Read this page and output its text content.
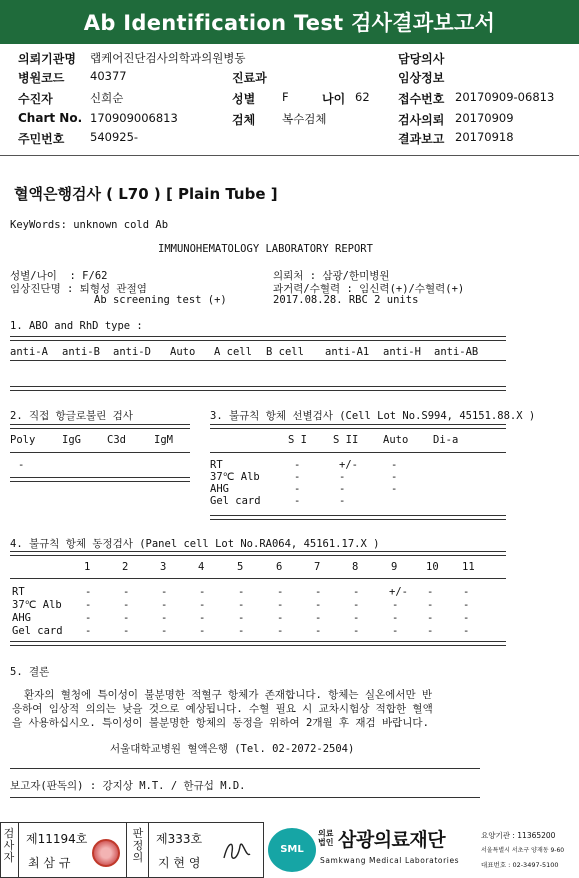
Ab Identification Test 검사결과보고서
의뢰기관명 랩케어진단검사의학과의원병동	담당의사
병원코드 40377	진료과	임상정보
수진자	신희순	성별 F	나이 62 접수번호 20170909-06813
Chart No. 170909006813	검체 복수검체	검사의뢰 20170909
주민번호 540925-	결과보고 20170918
혈액은행검사 ( L70 ) [ Plain Tube ]
KeyWords: unknown cold Ab
IMMUNOHEMATOLOGY LABORATORY REPORT
성별/나이  : F/62	의뢰처 : 삼광/한미병원
임상진단명 : 퇴형성 관절염	과거력/수혈력 : 임신력(+)/수혈력(+)
Ab screening test (+)	2017.08.28. RBC 2 units
1. ABO and RhD type :
anti-A anti-B anti-D Auto A cell B cell anti-A1 anti-H anti-AB
2. 직접 항글로불린 검사
Poly	IgG C3d	IgM
-
3. 불규칙 항체 선별검사 (Cell Lot No.S994, 45151.88.X )
S I S II Auto Di-a
RT	-	+/-	-
37℃ Alb	-	-	-
AHG	-	-	-
Gel card	-	-
4. 불규칙 항체 동정검사 (Panel cell Lot No.RA064, 45161.17.X )
1	2	3	4	5	6	7	8	9	10 11
RT	-	-	-	-	-	-	-	-	+/- -	-
37℃ Alb -	-	-	-	-	-	-	-	-	-	-
AHG	-	-	-	-	-	-	-	-	-	-	-
Gel card -	-	-	-	-	-	-	-	-	-	-
5. 결론
환자의 혈청에 특이성이 불분명한 적혈구 항체가 존재합니다. 항체는 실온에서만 반
응하여 임상적 의의는 낮을 것으로 예상됩니다. 수혈 필요 시 교차시험상 적합한 혈액
을 사용하십시오. 특이성이 불분명한 항체의 동정을 위하여 2개월 후 재검 바랍니다.
서울대학교병원 혈액은행 (Tel. 02-2072-2504)
보고자(판독의) : 강지상 M.T. / 한규섭 M.D.
검
사
자
제11194호
최 삼 규
판
정
의
제333호
지 현 영
SML
의료
법인 삼광의료재단
Samkwang Medical Laboratories
요양기관 : 11365200
서울특별시 서초구 양재동 9-60
대표번호 : 02-3497-5100
